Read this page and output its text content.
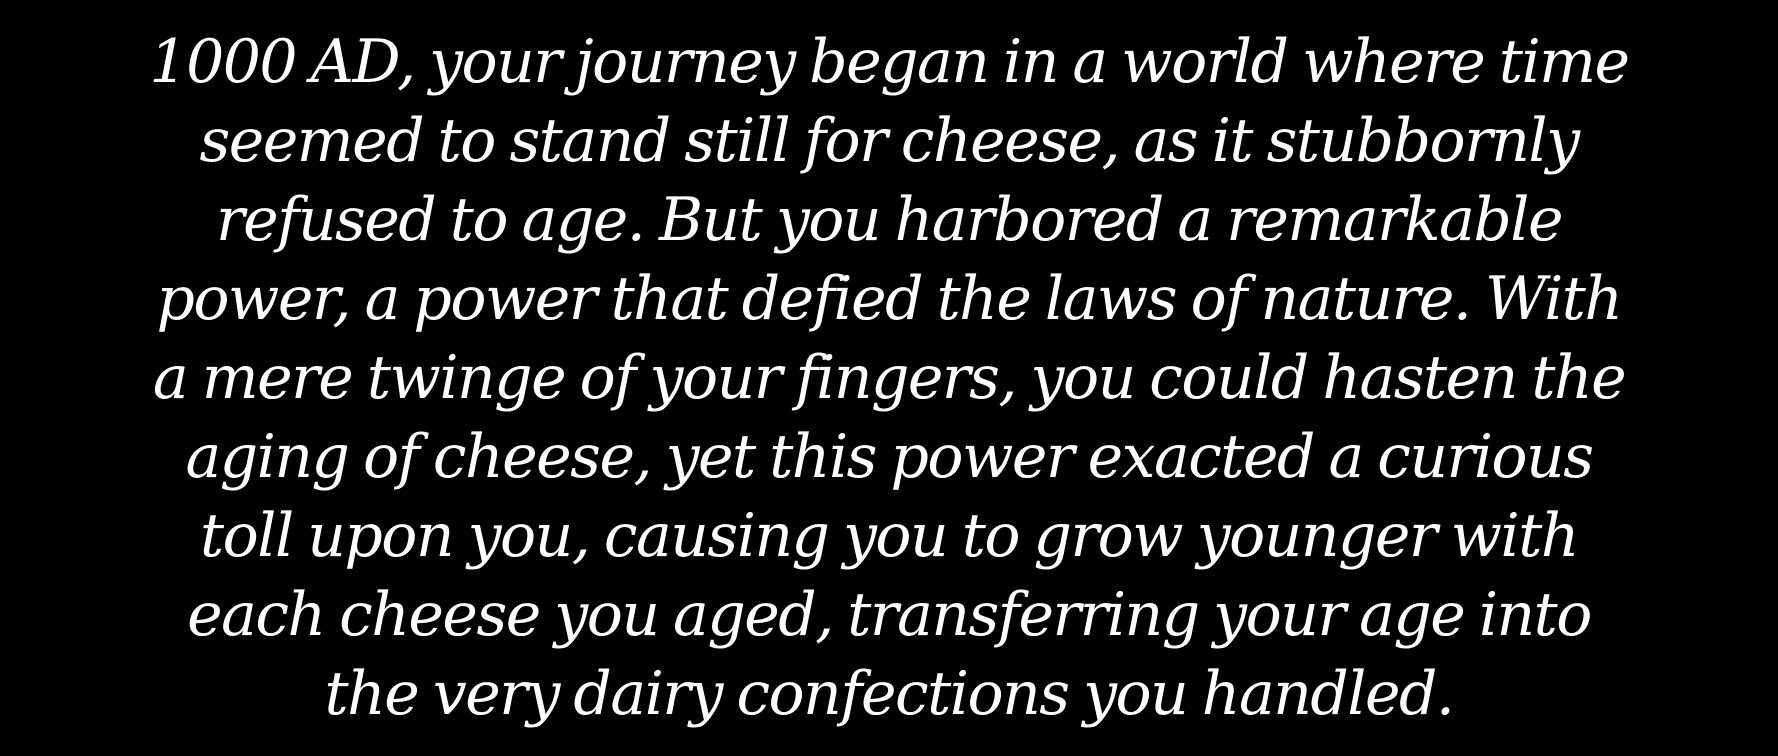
1000 AD, your journey began in a world where time
seemed to stand still for cheese, as it stubbornly
refused to age. But you harbored a remarkable
power, a power that defied the laws of nature. With
a mere twinge of your fingers, you could hasten the
aging of cheese, yet this power exacted a curious
toll upon you, causing you to grow younger with
each cheese you aged, transferring your age into
the very dairy confections you handled.
